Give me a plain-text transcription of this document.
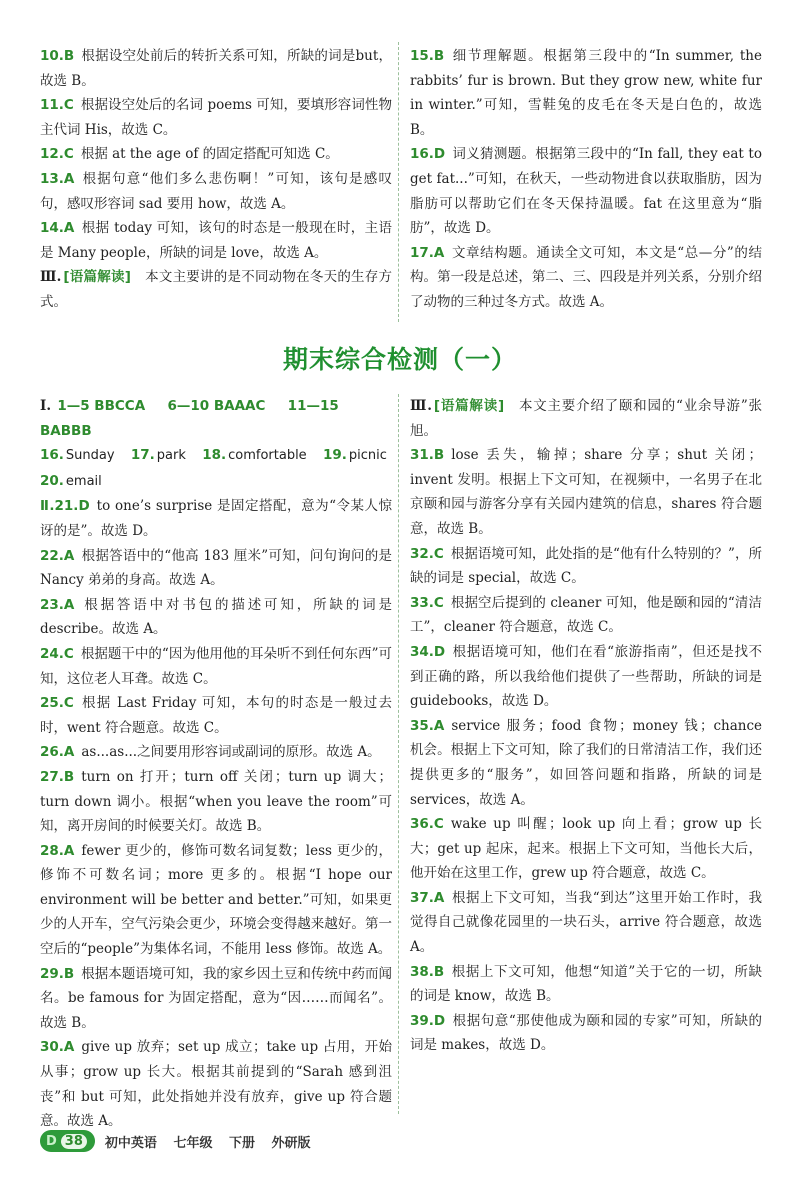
10.B 根据设空处前后的转折关系可知，所缺的词是but，故选 B。

11.C 根据设空处后的名词 poems 可知，要填形容词性物主代词 His，故选 C。

12.C 根据 at the age of 的固定搭配可知选 C。

13.A 根据句意“他们多么悲伤啊！”可知，该句是感叹句，感叹形容词 sad 要用 how，故选 A。

14.A 根据 today 可知，该句的时态是一般现在时，主语是 Many people，所缺的词是 love，故选 A。

Ⅲ. [语篇解读] 本文主要讲的是不同动物在冬天的生存方式。

15.B 细节理解题。根据第三段中的“In summer, the rabbits’ fur is brown. But they grow new, white fur in winter.”可知，雪鞋兔的皮毛在冬天是白色的，故选 B。

16.D 词义猜测题。根据第三段中的“In fall, they eat to get fat...”可知，在秋天，一些动物进食以获取脂肪，因为脂肪可以帮助它们在冬天保持温暖。fat 在这里意为“脂肪”，故选 D。

17.A 文章结构题。通读全文可知，本文是“总—分”的结构。第一段是总述，第二、三、四段是并列关系，分别介绍了动物的三种过冬方式。故选 A。

期末综合检测（一）
Ⅰ. 1—5 BBCCA 6—10 BAAAC 11—15 BABBB
16. Sunday 17. park 18. comfortable 19. picnic
20. email

Ⅱ.21.D to one’s surprise 是固定搭配，意为“令某人惊讶的是”。故选 D。

22.A 根据答语中的“他高 183 厘米”可知，问句询问的是 Nancy 弟弟的身高。故选 A。

23.A 根据答语中对书包的描述可知，所缺的词是describe。故选 A。

24.C 根据题干中的“因为他用他的耳朵听不到任何东西”可知，这位老人耳聋。故选 C。

25.C 根据 Last Friday 可知，本句的时态是一般过去时，went 符合题意。故选 C。

26.A as...as...之间要用形容词或副词的原形。故选 A。

27.B turn on 打开；turn off 关闭；turn up 调大；turn down 调小。根据“when you leave the room”可知，离开房间的时候要关灯。故选 B。

28.A fewer 更少的，修饰可数名词复数；less 更少的，修饰不可数名词；more 更多的。根据“I hope our environment will be better and better.”可知，如果更少的人开车，空气污染会更少，环境会变得越来越好。第一空后的“people”为集体名词，不能用 less 修饰。故选 A。

29.B 根据本题语境可知，我的家乡因土豆和传统中药而闻名。be famous for 为固定搭配，意为“因……而闻名”。故选 B。

30.A give up 放弃；set up 成立；take up 占用，开始从事；grow up 长大。根据其前提到的“Sarah 感到沮丧”和 but 可知，此处指她并没有放弃，give up 符合题意。故选 A。

Ⅲ. [语篇解读] 本文主要介绍了颐和园的“业余导游”张旭。

31.B lose 丢失，输掉；share 分享；shut 关闭；invent 发明。根据上下文可知，在视频中，一名男子在北京颐和园与游客分享有关园内建筑的信息，shares 符合题意，故选 B。

32.C 根据语境可知，此处指的是“他有什么特别的？”，所缺的词是 special，故选 C。

33.C 根据空后提到的 cleaner 可知，他是颐和园的“清洁工”，cleaner 符合题意，故选 C。

34.D 根据语境可知，他们在看“旅游指南”，但还是找不到正确的路，所以我给他们提供了一些帮助，所缺的词是 guidebooks，故选 D。

35.A service 服务；food 食物；money 钱；chance 机会。根据上下文可知，除了我们的日常清洁工作，我们还提供更多的“服务”，如回答问题和指路，所缺的词是 services，故选 A。

36.C wake up 叫醒；look up 向上看；grow up 长大；get up 起床，起来。根据上下文可知，当他长大后，他开始在这里工作，grew up 符合题意，故选 C。

37.A 根据上下文可知，当我“到达”这里开始工作时，我觉得自己就像花园里的一块石头，arrive 符合题意，故选 A。

38.B 根据上下文可知，他想“知道”关于它的一切，所缺的词是 know，故选 B。

39.D 根据句意“那使他成为颐和园的专家”可知，所缺的词是 makes，故选 D。

D 38	初中英语 七年级 下册 外研版
